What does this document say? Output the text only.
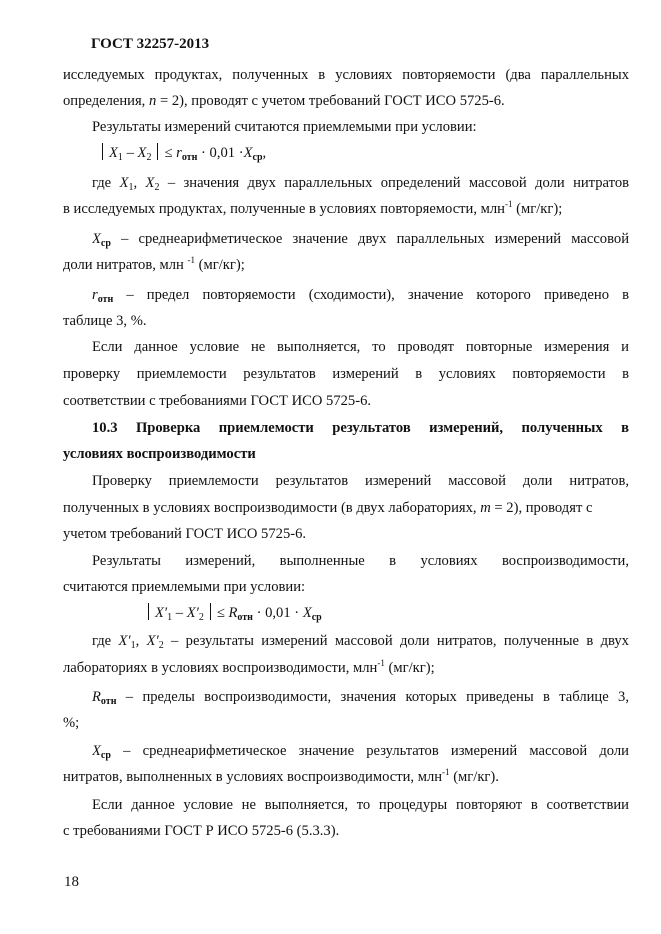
ГОСТ 32257-2013
исследуемых продуктах, полученных в условиях повторяемости (два параллельных
определения, n = 2), проводят с учетом требований ГОСТ ИСО 5725-6.
Результаты измерений считаются приемлемыми при условии:
$X_1 - X_2 \le r_{отн} \cdot 0,01 \cdot X_{ср}$,
где $X_1$, $X_2$ – значения двух параллельных определений массовой доли нитратов
в исследуемых продуктах, полученные в условиях повторяемости, млн$^{-1}$ (мг/кг);
$X_{ср}$ – среднеарифметическое значение двух параллельных измерений массовой
доли нитратов, млн $^{-1}$ (мг/кг);
$r_{отн}$ – предел повторяемости (сходимости), значение которого приведено в
таблице 3, %.
Если данное условие не выполняется, то проводят повторные измерения и
проверку приемлемости результатов измерений в условиях повторяемости в
соответствии с требованиями ГОСТ ИСО 5725-6.
10.3 Проверка приемлемости результатов измерений, полученных в
условиях воспроизводимости
Проверку приемлемости результатов измерений массовой доли нитратов,
полученных в условиях воспроизводимости (в двух лабораториях, m = 2), проводят с
учетом требований ГОСТ ИСО 5725-6.
Результаты измерений, выполненные в условиях воспроизводимости,
считаются приемлемыми при условии:
$X'_1 - X'_2 \le R_{отн} \cdot 0,01 \cdot X_{ср}$
где $X'_1$, $X'_2$ – результаты измерений массовой доли нитратов, полученные в двух
лабораториях в условиях воспроизводимости, млн$^{-1}$ (мг/кг);
$R_{отн}$ – пределы воспроизводимости, значения которых приведены в таблице 3,
%;
$X_{ср}$ – среднеарифметическое значение результатов измерений массовой доли
нитратов, выполненных в условиях воспроизводимости, млн$^{-1}$ (мг/кг).
Если данное условие не выполняется, то процедуры повторяют в соответствии
с требованиями ГОСТ Р ИСО 5725-6 (5.3.3).
18
